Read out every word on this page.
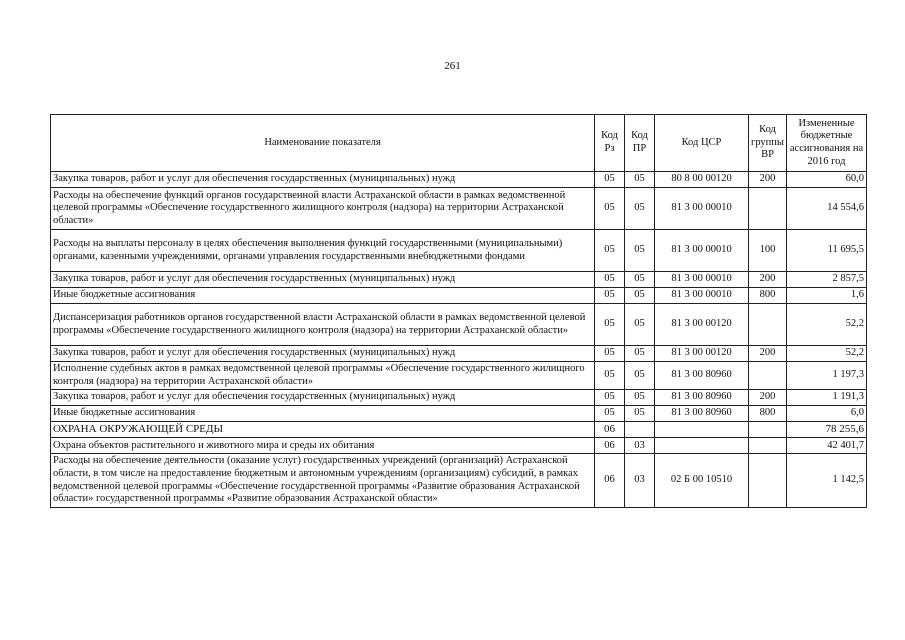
261
Наименование показателя	Код Рз	Код ПР	Код ЦСР	Код группы ВР	Измененные бюджетные ассигнования на 2016 год
Закупка товаров, работ и услуг для обеспечения государственных (муниципальных) нужд	05	05	80 8 00 00120	200	60,0
Расходы на обеспечение функций органов государственной власти Астраханской области в рамках ведомственной целевой программы «Обеспечение государственного жилищного контроля (надзора) на территории Астраханской области»	05	05	81 3 00 00010		14 554,6
Расходы на выплаты персоналу в целях обеспечения выполнения функций государственными (муниципальными) органами, казенными учреждениями, органами управления государственными внебюджетными фондами	05	05	81 3 00 00010	100	11 695,5
Закупка товаров, работ и услуг для обеспечения государственных (муниципальных) нужд	05	05	81 3 00 00010	200	2 857,5
Иные бюджетные ассигнования	05	05	81 3 00 00010	800	1,6
Диспансеризация работников органов государственной власти Астраханской области в рамках ведомственной целевой программы «Обеспечение государственного жилищного контроля (надзора) на территории Астраханской области»	05	05	81 3 00 00120		52,2
Закупка товаров, работ и услуг для обеспечения государственных (муниципальных) нужд	05	05	81 3 00 00120	200	52,2
Исполнение судебных актов в рамках ведомственной целевой программы «Обеспечение государственного жилищного контроля (надзора) на территории Астраханской области»	05	05	81 3 00 80960		1 197,3
Закупка товаров, работ и услуг для обеспечения государственных (муниципальных) нужд	05	05	81 3 00 80960	200	1 191,3
Иные бюджетные ассигнования	05	05	81 3 00 80960	800	6,0
ОХРАНА ОКРУЖАЮЩЕЙ СРЕДЫ	06				78 255,6
Охрана объектов растительного и животного мира и среды их обитания	06	03			42 401,7
Расходы на обеспечение деятельности (оказание услуг) государственных учреждений (организаций) Астраханской области, в том числе на предоставление бюджетным и автономным учреждениям (организациям) субсидий, в рамках ведомственной целевой программы «Обеспечение государственной программы «Развитие образования Астраханской области» государственной программы «Развитие образования Астраханской области»	06	03	02 Б 00 10510		1 142,5
